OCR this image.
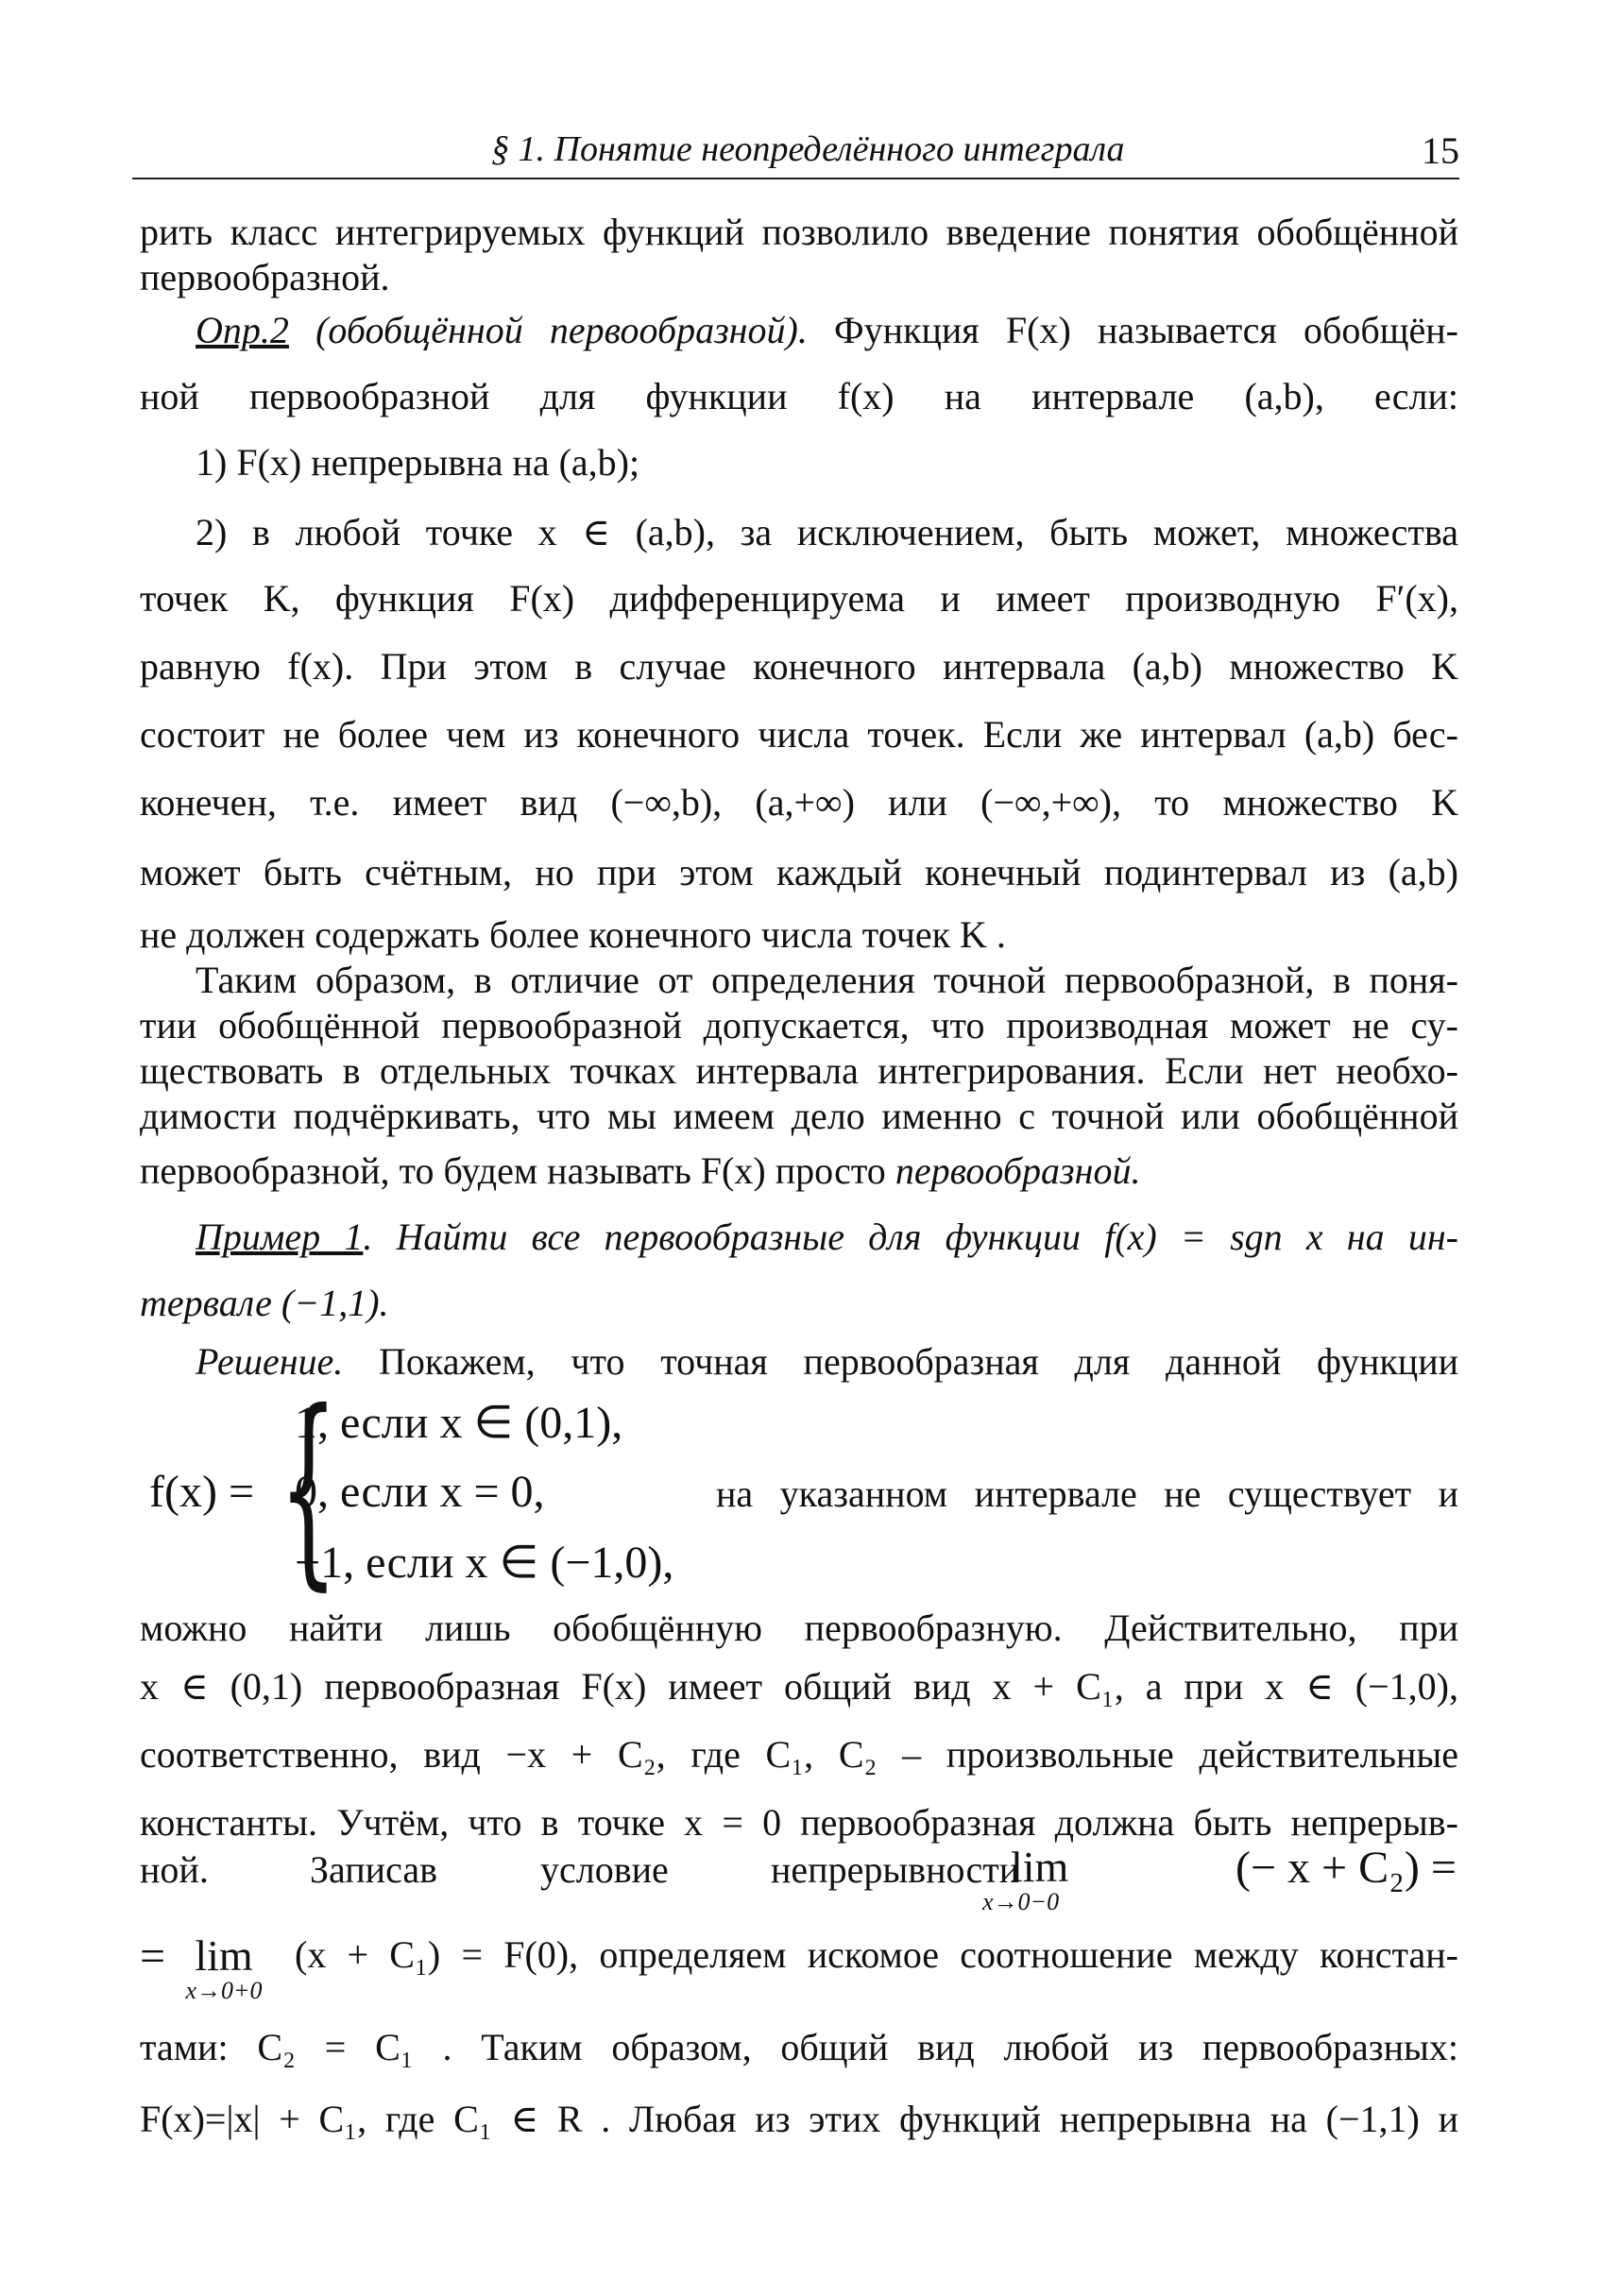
§ 1. Понятие неопределённого интеграла	15
рить класс интегрируемых функций позволило введение понятия обобщённой
первообразной.
Опр.2 (обобщённой первообразной). Функция F(x) называется обобщён-
ной первообразной для функции f(x) на интервале (a,b), если:
1) F(x) непрерывна на (a,b);
2) в любой точке x ∈ (a,b), за исключением, быть может, множества
точек K, функция F(x) дифференцируема и имеет производную F′(x),
равную f(x). При этом в случае конечного интервала (a,b) множество K
состоит не более чем из конечного числа точек. Если же интервал (a,b) бес-
конечен, т.е. имеет вид (−∞,b), (a,+∞) или (−∞,+∞), то множество K
может быть счётным, но при этом каждый конечный подинтервал из (a,b)
не должен содержать более конечного числа точек K .
Таким образом, в отличие от определения точной первообразной, в поня-
тии обобщённой первообразной допускается, что производная может не су-
ществовать в отдельных точках интервала интегрирования. Если нет необхо-
димости подчёркивать, что мы имеем дело именно с точной или обобщённой
первообразной, то будем называть F(x) просто первообразной.
Пример 1. Найти все первообразные для функции f(x) = sgn x на ин-
тервале (−1,1).
Решение. Покажем, что точная первообразная для данной функции
f(x) = {
1, если x ∈ (0,1),
0, если x = 0,
−1, если x ∈ (−1,0),
на указанном интервале не существует и
можно найти лишь обобщённую первообразную. Действительно, при
x ∈ (0,1) первообразная F(x) имеет общий вид x + C₁, а при x ∈ (−1,0),
соответственно, вид −x + C₂, где C₁, C₂ – произвольные действительные
константы. Учтём, что в точке x = 0 первообразная должна быть непрерыв-
ной.	Записав	условие	непрерывности
lim
x→0−0
(− x + C₂) =
= lim
x→0+0
(x + C₁) = F(0), определяем искомое соотношение между констан-
тами: C₂ = C₁ . Таким образом, общий вид любой из первообразных:
F(x)=|x| + C₁, где C₁ ∈ R . Любая из этих функций непрерывна на (−1,1) и
